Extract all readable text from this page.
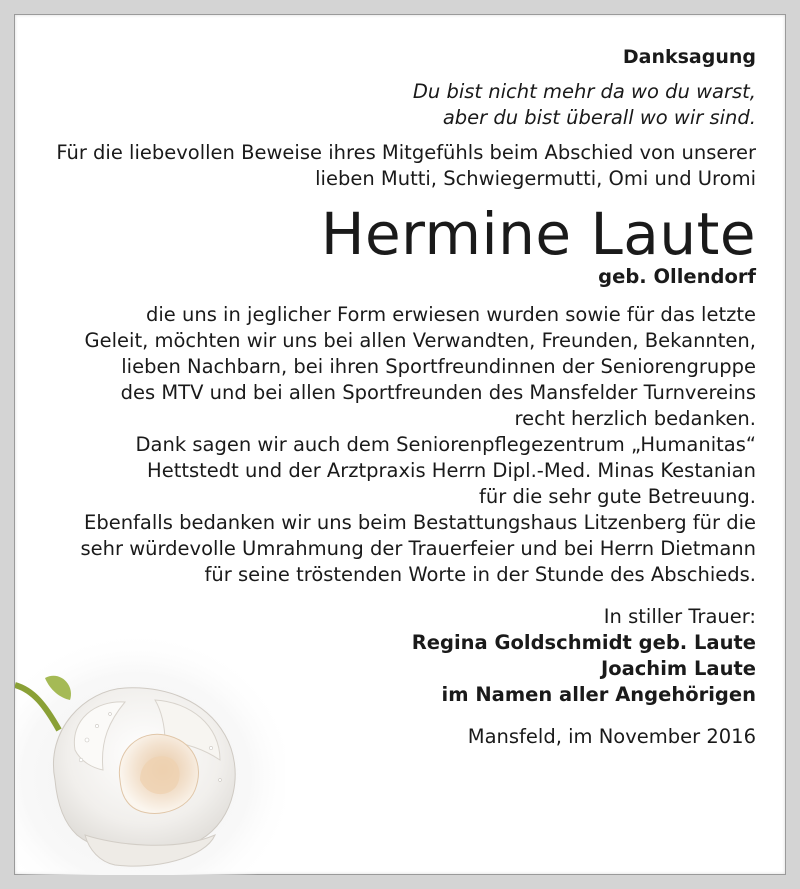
Danksagung
Du bist nicht mehr da wo du warst,
aber du bist überall wo wir sind.
Für die liebevollen Beweise ihres Mitgefühls beim Abschied von unserer
lieben Mutti, Schwiegermutti, Omi und Uromi
Hermine Laute
geb. Ollendorf
die uns in jeglicher Form erwiesen wurden sowie für das letzte
Geleit, möchten wir uns bei allen Verwandten, Freunden, Bekannten,
lieben Nachbarn, bei ihren Sportfreundinnen der Seniorengruppe
des MTV und bei allen Sportfreunden des Mansfelder Turnvereins
recht herzlich bedanken.
Dank sagen wir auch dem Seniorenpflegezentrum „Humanitas“
Hettstedt und der Arztpraxis Herrn Dipl.-Med. Minas Kestanian
für die sehr gute Betreuung.
Ebenfalls bedanken wir uns beim Bestattungshaus Litzenberg für die
sehr würdevolle Umrahmung der Trauerfeier und bei Herrn Dietmann
für seine tröstenden Worte in der Stunde des Abschieds.
In stiller Trauer:
Regina Goldschmidt geb. Laute
Joachim Laute
im Namen aller Angehörigen
Mansfeld, im November 2016
